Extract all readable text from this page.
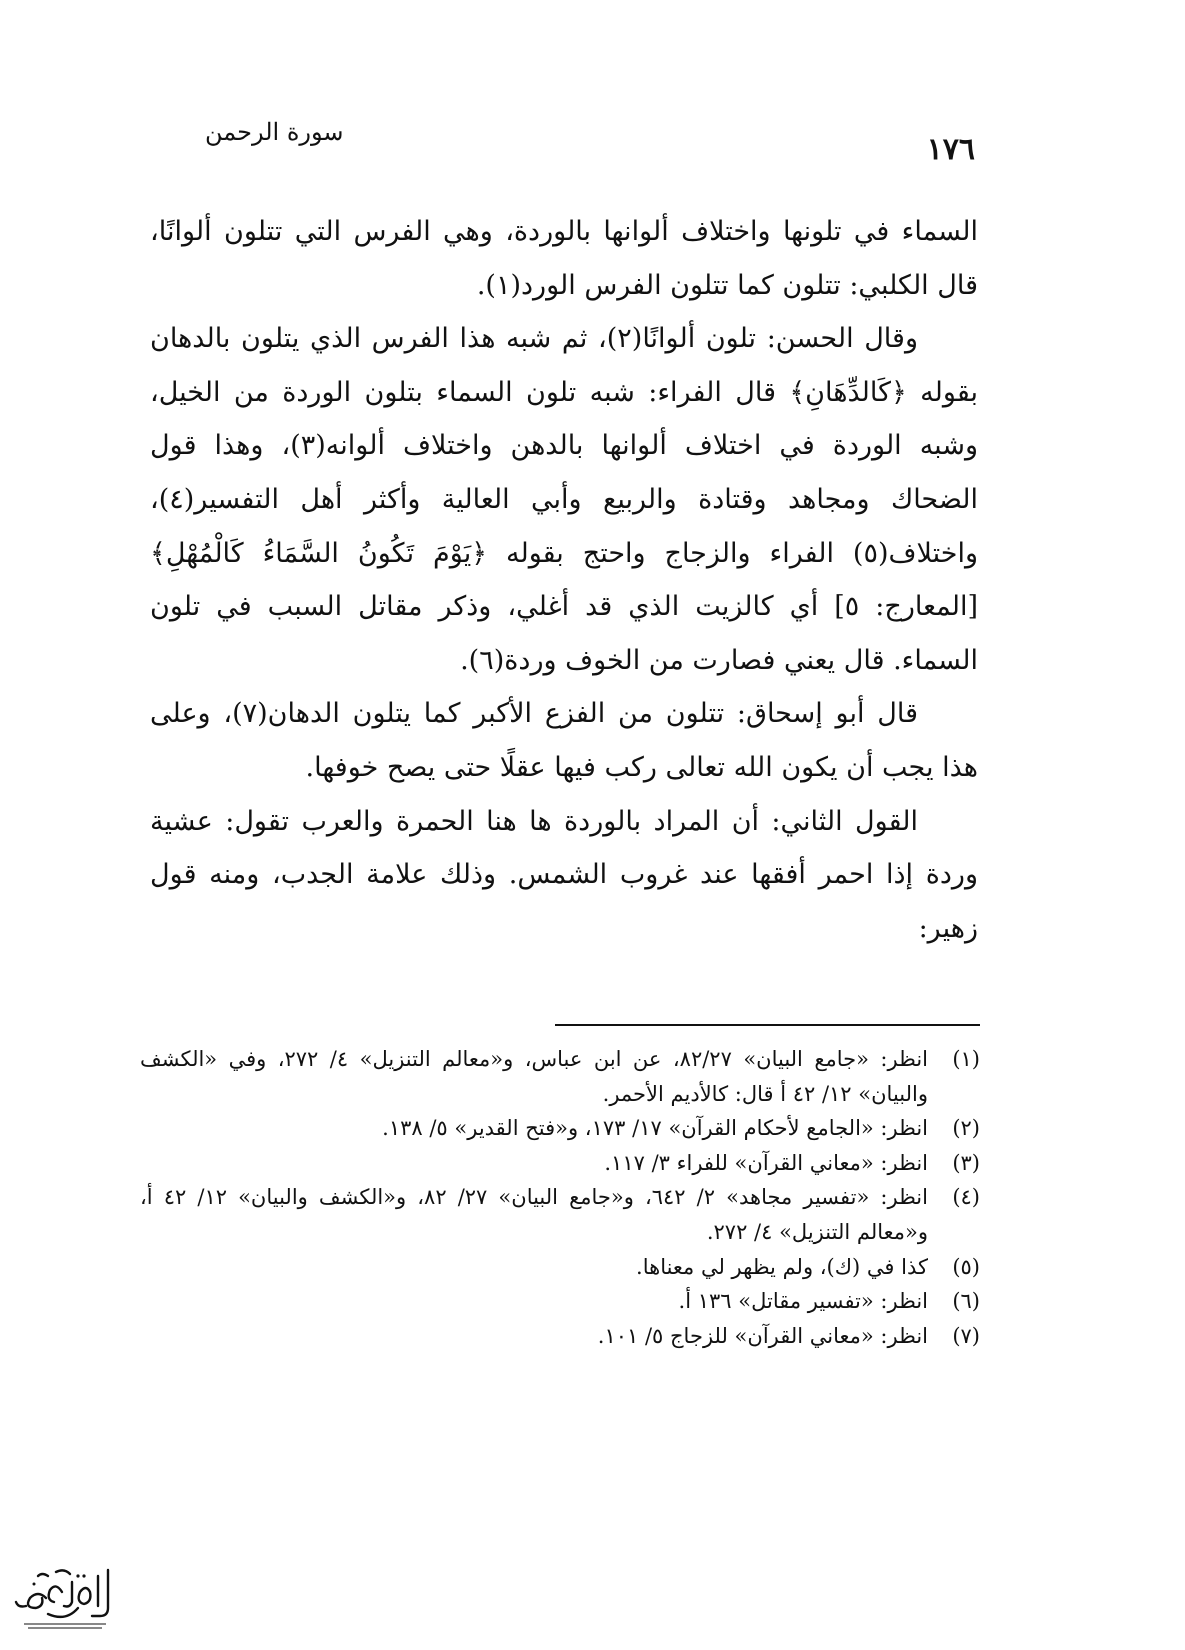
١٧٦
سورة الرحمن

السماء في تلونها واختلاف ألوانها بالوردة، وهي الفرس التي تتلون ألوانًا، قال الكلبي: تتلون كما تتلون الفرس الورد(١).

وقال الحسن: تلون ألوانًا(٢)، ثم شبه هذا الفرس الذي يتلون بالدهان بقوله ﴿كَالدِّهَانِ﴾ قال الفراء: شبه تلون السماء بتلون الوردة من الخيل، وشبه الوردة في اختلاف ألوانها بالدهن واختلاف ألوانه(٣)، وهذا قول الضحاك ومجاهد وقتادة والربيع وأبي العالية وأكثر أهل التفسير(٤)، واختلاف(٥) الفراء والزجاج واحتج بقوله ﴿يَوْمَ تَكُونُ السَّمَاءُ كَالْمُهْلِ﴾ [المعارج: ٥] أي كالزيت الذي قد أغلي، وذكر مقاتل السبب في تلون السماء. قال يعني فصارت من الخوف وردة(٦).

قال أبو إسحاق: تتلون من الفزع الأكبر كما يتلون الدهان(٧)، وعلى هذا يجب أن يكون الله تعالى ركب فيها عقلًا حتى يصح خوفها.

القول الثاني: أن المراد بالوردة ها هنا الحمرة والعرب تقول: عشية وردة إذا احمر أفقها عند غروب الشمس. وذلك علامة الجدب، ومنه قول زهير:

(١)
انظر: «جامع البيان» ٨٢/٢٧، عن ابن عباس، و«معالم التنزيل» ٤/ ٢٧٢، وفي «الكشف والبيان» ١٢/ ٤٢ أ قال: كالأديم الأحمر.
(٢)
انظر: «الجامع لأحكام القرآن» ١٧/ ١٧٣، و«فتح القدير» ٥/ ١٣٨.
(٣)
انظر: «معاني القرآن» للفراء ٣/ ١١٧.
(٤)
انظر: «تفسير مجاهد» ٢/ ٦٤٢، و«جامع البيان» ٢٧/ ٨٢، و«الكشف والبيان» ١٢/ ٤٢ أ، و«معالم التنزيل» ٤/ ٢٧٢.
(٥)
كذا في (ك)، ولم يظهر لي معناها.
(٦)
انظر: «تفسير مقاتل» ١٣٦ أ.
(٧)
انظر: «معاني القرآن» للزجاج ٥/ ١٠١.
